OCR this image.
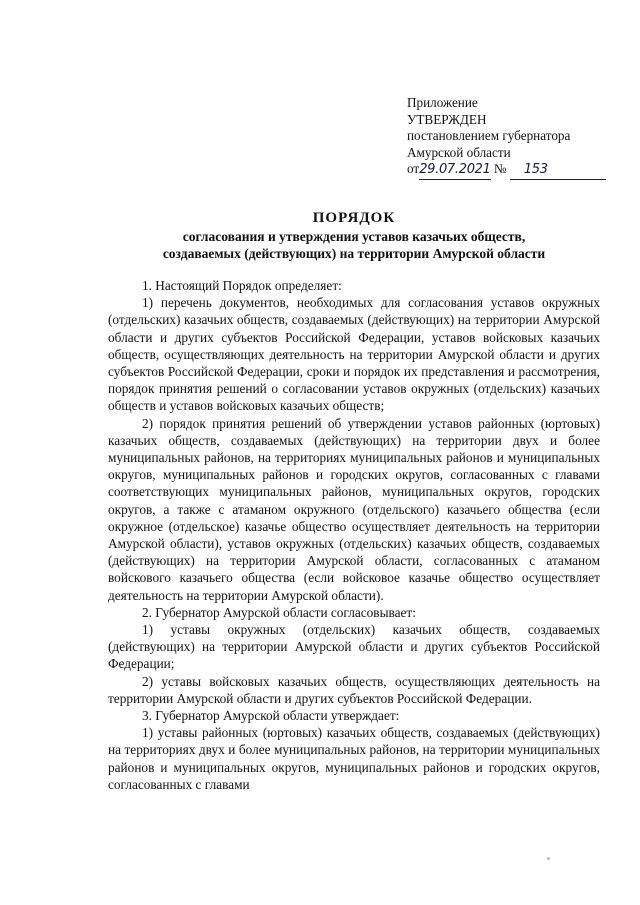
Приложение
УТВЕРЖДЕН
постановлением губернатора
Амурской области
от29.07.2021 № 153
ПОРЯДОК
согласования и утверждения уставов казачьих обществ,
создаваемых (действующих) на территории Амурской области

1. Настоящий Порядок определяет:

1) перечень документов, необходимых для согласования уставов окружных (отдельских) казачьих обществ, создаваемых (действующих) на территории Амурской области и других субъектов Российской Федерации, уставов войсковых казачьих обществ, осуществляющих деятельность на территории Амурской области и других субъектов Российской Федерации, сроки и порядок их представления и рассмотрения, порядок принятия решений о согласовании уставов окружных (отдельских) казачьих обществ и уставов войсковых казачьих обществ;

2) порядок принятия решений об утверждении уставов районных (юртовых) казачьих обществ, создаваемых (действующих) на территории двух и более муниципальных районов, на территориях муниципальных районов и муниципальных округов, муниципальных районов и городских округов, согласованных с главами соответствующих муниципальных районов, муниципальных округов, городских округов, а также с атаманом окружного (отдельского) казачьего общества (если окружное (отдельское) казачье общество осуществляет деятельность на территории Амурской области), уставов окружных (отдельских) казачьих обществ, создаваемых (действующих) на территории Амурской области, согласованных с атаманом войскового казачьего общества (если войсковое казачье общество осуществляет деятельность на территории Амурской области).

2. Губернатор Амурской области согласовывает:

1) уставы окружных (отдельских) казачьих обществ, создаваемых (действующих) на территории Амурской области и других субъектов Российской Федерации;

2) уставы войсковых казачьих обществ, осуществляющих деятельность на территории Амурской области и других субъектов Российской Федерации.

3. Губернатор Амурской области утверждает:

1) уставы районных (юртовых) казачьих обществ, создаваемых (действующих) на территориях двух и более муниципальных районов, на территории муниципальных районов и муниципальных округов, муниципальных районов и городских округов, согласованных с главами
